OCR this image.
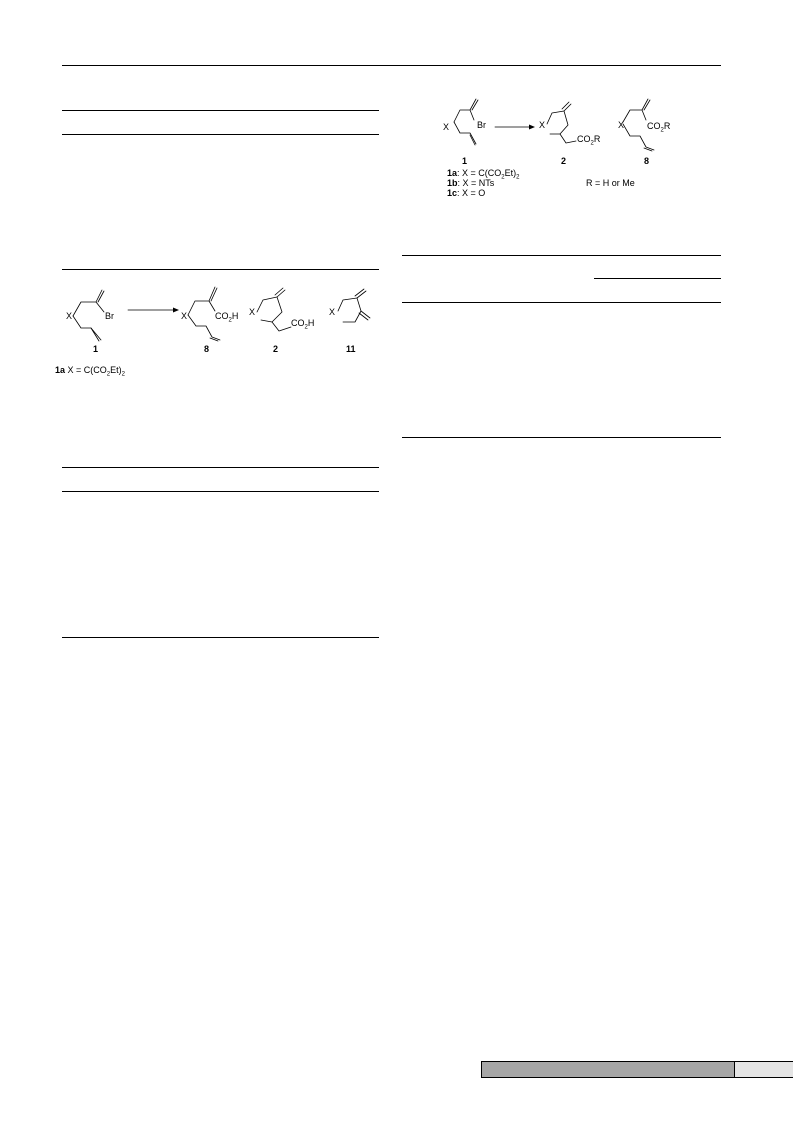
X	Br	X	$CO_2H$ X
$CO_2H$
X
1	8	2	11
1a $X = C(CO_2Et)_2$
X	Br	X
$CO_2R$
X	$CO_2R$
1	2	8
1a: $X = C(CO_2Et)_2$
1b: X = NTs
1c: X = O
R = H or Me
